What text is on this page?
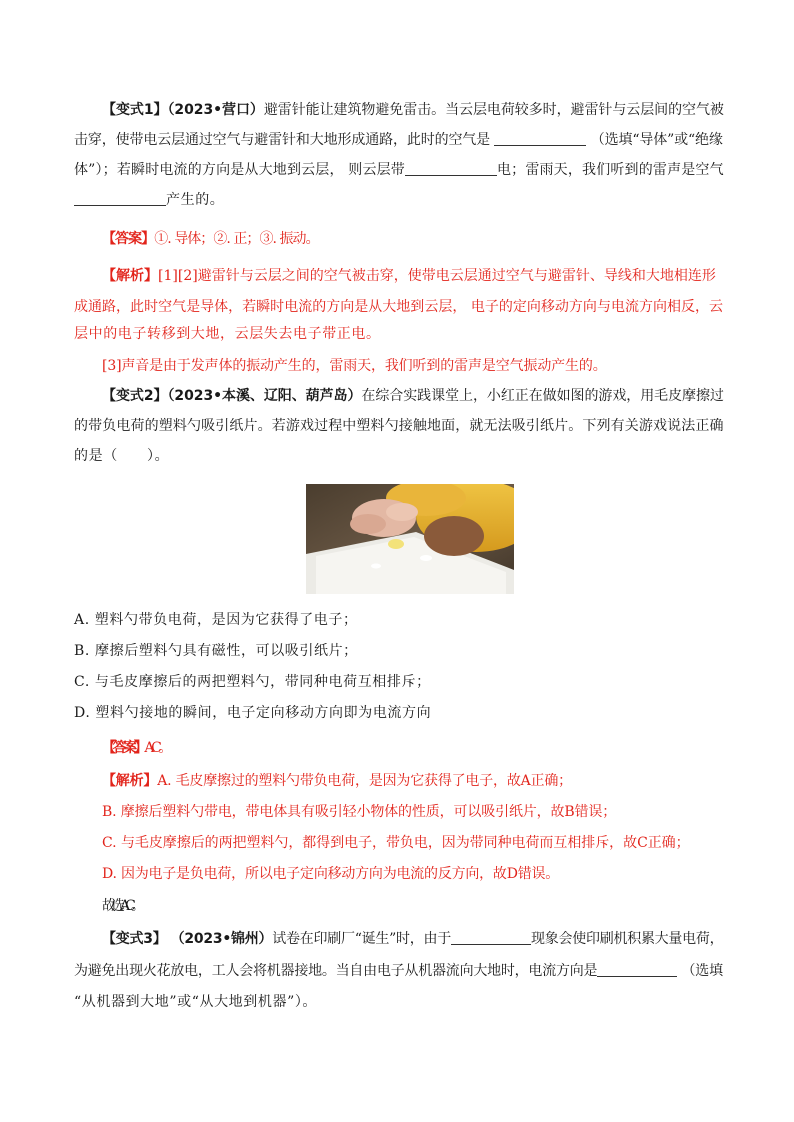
【变式1】（2023•营口）避雷针能让建筑物避免雷击。当云层电荷较多时，避雷针与云层间的空气被
击穿，使带电云层通过空气与避雷针和大地形成通路，此时的空气是	（选填“导体”或“绝缘
体”）；若瞬时电流的方向是从大地到云层， 则云层带	电；雷雨天，我们听到的雷声是空气
产生的。
【答案】①. 导体；②. 正；③. 振动。
【解析】[1][2]避雷针与云层之间的空气被击穿，使带电云层通过空气与避雷针、导线和大地相连形
成通路，此时空气是导体，若瞬时电流的方向是从大地到云层， 电子的定向移动方向与电流方向相反，云
层中的电子转移到大地，云层失去电子带正电。
[3]声音是由于发声体的振动产生的，雷雨天，我们听到的雷声是空气振动产生的。
【变式2】（2023•本溪、辽阳、葫芦岛）在综合实践课堂上，小红正在做如图的游戏，用毛皮摩擦过
的带负电荷的塑料勺吸引纸片。若游戏过程中塑料勺接触地面，就无法吸引纸片。下列有关游戏说法正确
的是（　　）。
A. 塑料勺带负电荷，是因为它获得了电子；
B. 摩擦后塑料勺具有磁性，可以吸引纸片；
C. 与毛皮摩擦后的两把塑料勺，带同种电荷互相排斥；
D. 塑料勺接地的瞬间，电子定向移动方向即为电流方向
【答案】AC。
【解析】A. 毛皮摩擦过的塑料勺带负电荷，是因为它获得了电子，故A正确；
B. 摩擦后塑料勺带电，带电体具有吸引轻小物体的性质，可以吸引纸片，故B错误；
C. 与毛皮摩擦后的两把塑料勺，都得到电子，带负电，因为带同种电荷而互相排斥，故C正确；
D. 因为电子是负电荷，所以电子定向移动方向为电流的反方向，故D错误。
故选AC。
【变式3】 （2023•锦州）试卷在印刷厂“诞生”时，由于	现象会使印刷机积累大量电荷，
为避免出现火花放电，工人会将机器接地。当自由电子从机器流向大地时，电流方向是	（选填
“从机器到大地”或“从大地到机器”）。
